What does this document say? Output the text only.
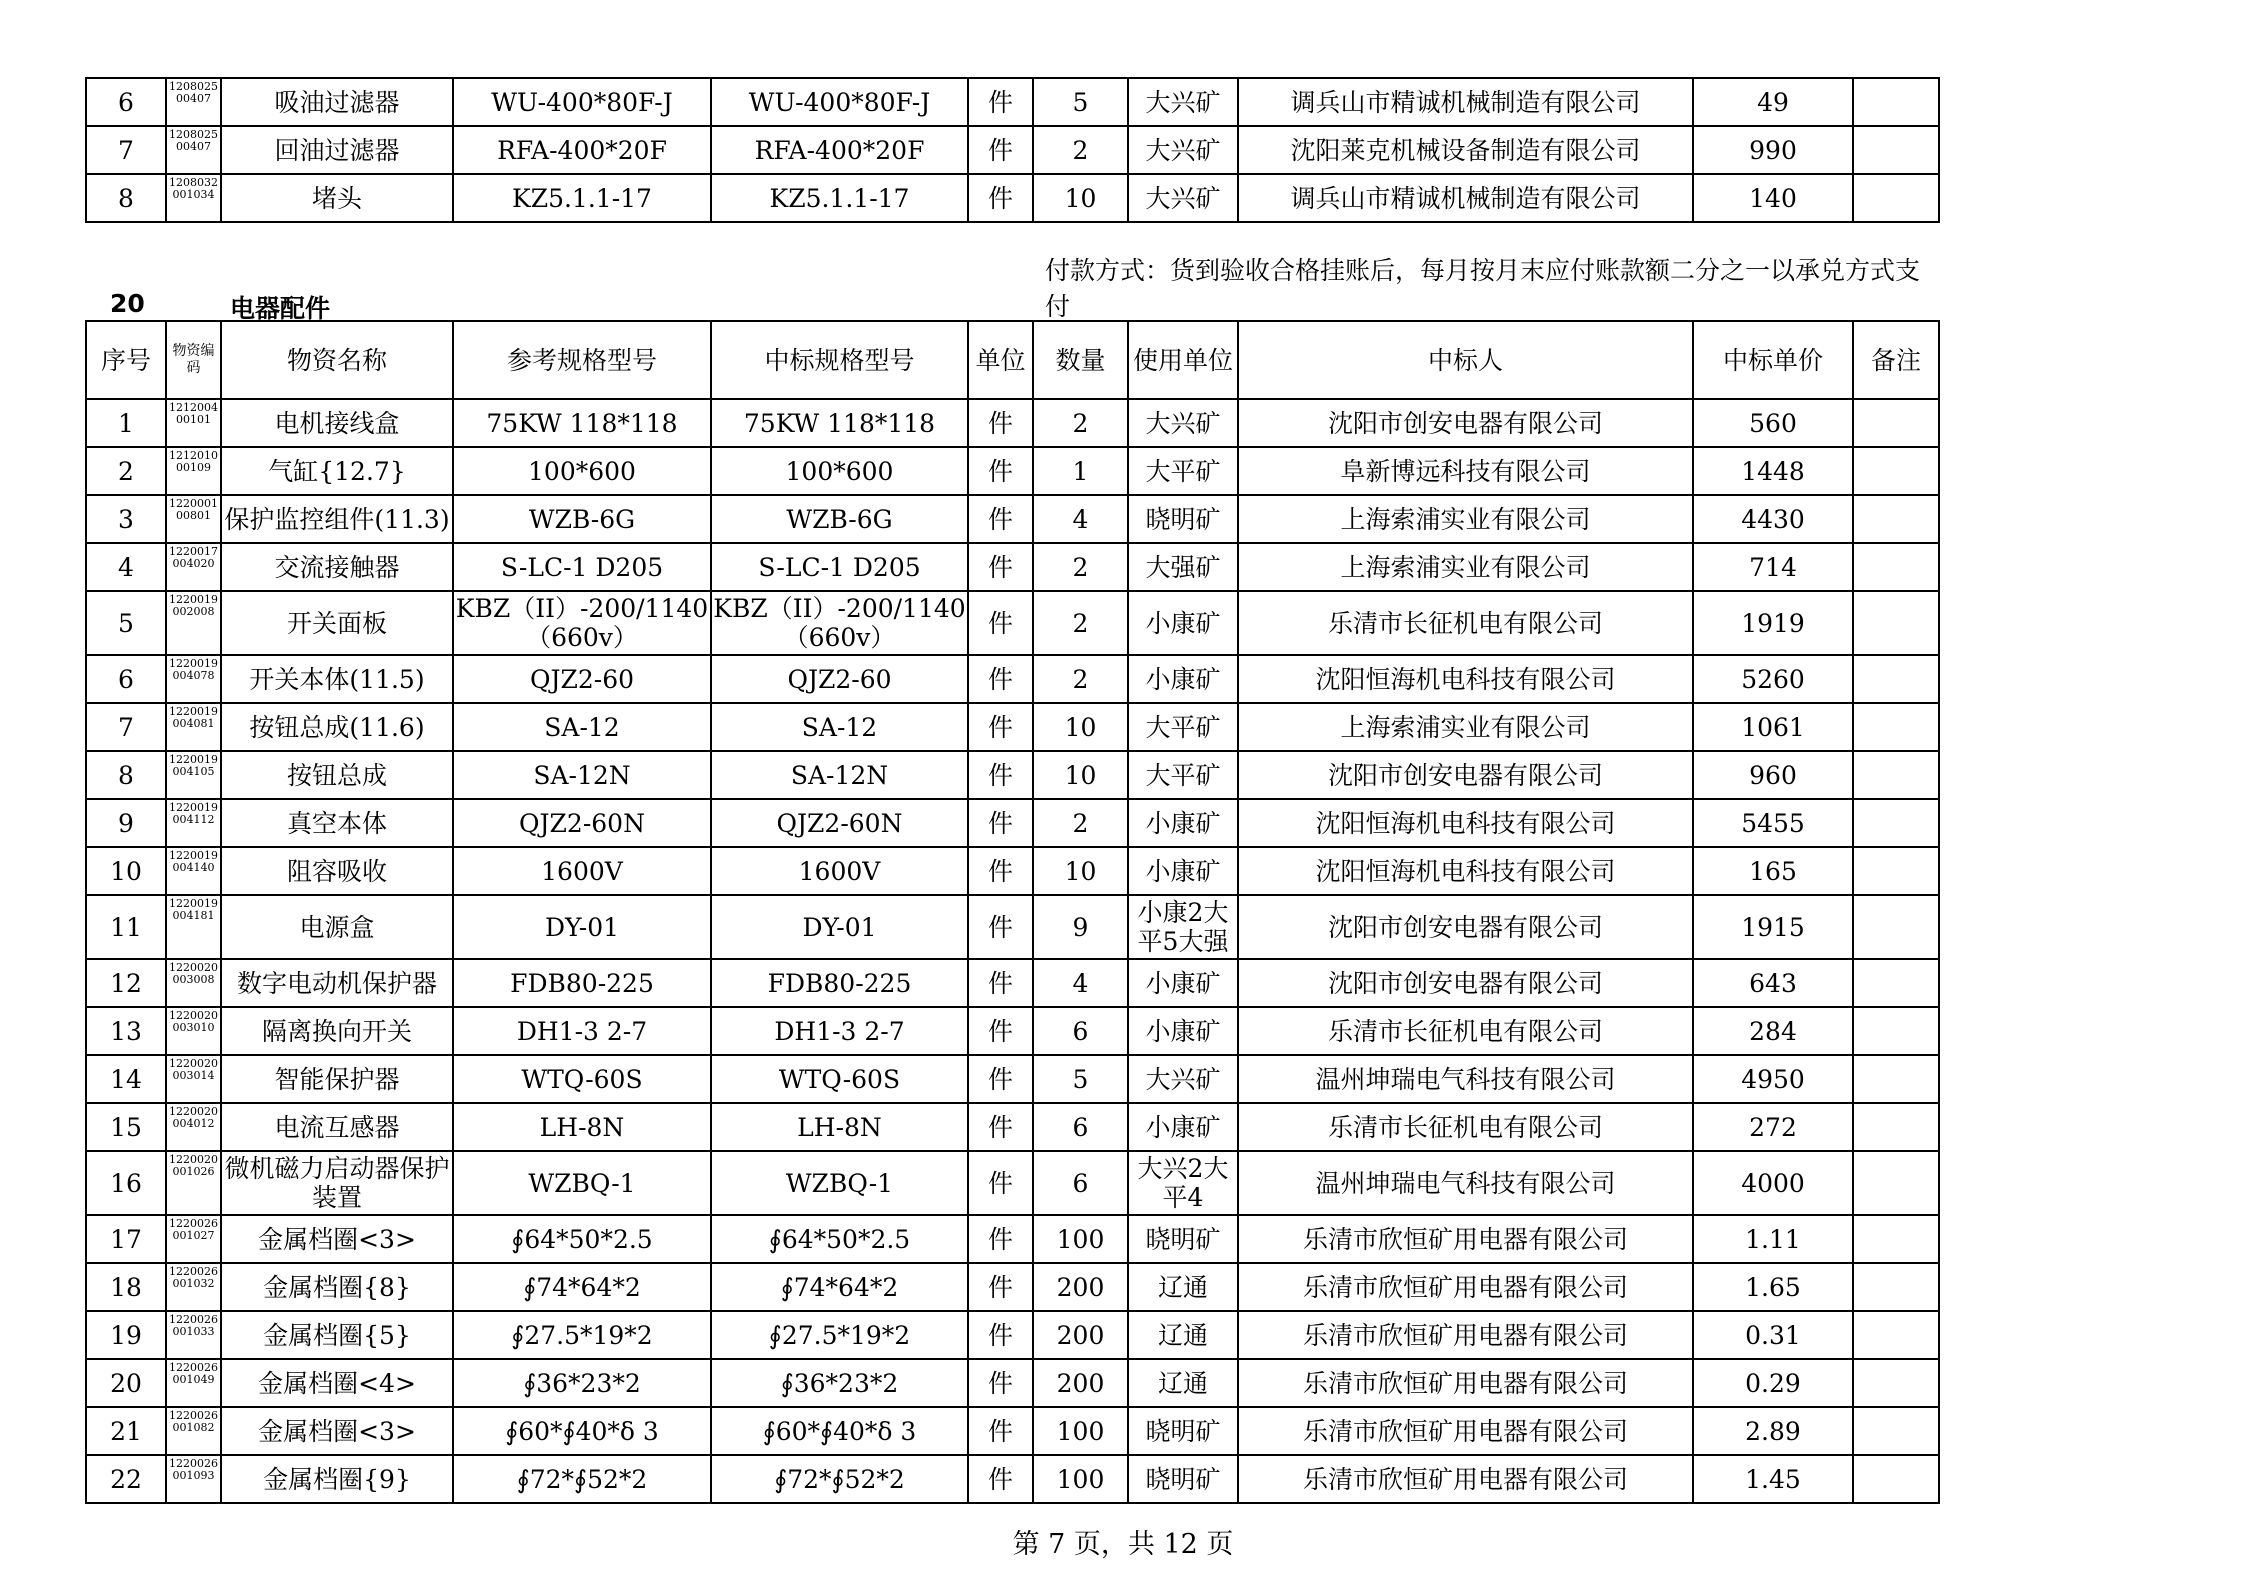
6	120802500407	吸油过滤器	WU-400*80F-J	WU-400*80F-J	件	5	大兴矿	调兵山市精诚机械制造有限公司	49	
7	120802500407	回油过滤器	RFA-400*20F	RFA-400*20F	件	2	大兴矿	沈阳莱克机械设备制造有限公司	990	
8	1208032001034	堵头	KZ5.1.1-17	KZ5.1.1-17	件	10	大兴矿	调兵山市精诚机械制造有限公司	140	
付款方式：货到验收合格挂账后，每月按月末应付账款额二分之一以承兑方式支付
20	电器配件
序号	物资编码	物资名称	参考规格型号	中标规格型号	单位	数量	使用单位	中标人	中标单价	备注
1	121200400101	电机接线盒	75KW 118*118	75KW 118*118	件	2	大兴矿	沈阳市创安电器有限公司	560	
2	121201000109	气缸{12.7}	100*600	100*600	件	1	大平矿	阜新博远科技有限公司	1448	
3	122000100801	保护监控组件(11.3)	WZB-6G	WZB-6G	件	4	晓明矿	上海索浦实业有限公司	4430	
4	1220017004020	交流接触器	S-LC-1 D205	S-LC-1 D205	件	2	大强矿	上海索浦实业有限公司	714	
5	1220019002008	开关面板	KBZ（II）-200/1140（660v）	KBZ（II）-200/1140（660v）	件	2	小康矿	乐清市长征机电有限公司	1919	
6	1220019004078	开关本体(11.5)	QJZ2-60	QJZ2-60	件	2	小康矿	沈阳恒海机电科技有限公司	5260	
7	1220019004081	按钮总成(11.6)	SA-12	SA-12	件	10	大平矿	上海索浦实业有限公司	1061	
8	1220019004105	按钮总成	SA-12N	SA-12N	件	10	大平矿	沈阳市创安电器有限公司	960	
9	1220019004112	真空本体	QJZ2-60N	QJZ2-60N	件	2	小康矿	沈阳恒海机电科技有限公司	5455	
10	1220019004140	阻容吸收	1600V	1600V	件	10	小康矿	沈阳恒海机电科技有限公司	165	
11	1220019004181	电源盒	DY-01	DY-01	件	9	小康2大平5大强	沈阳市创安电器有限公司	1915	
12	1220020003008	数字电动机保护器	FDB80-225	FDB80-225	件	4	小康矿	沈阳市创安电器有限公司	643	
13	1220020003010	隔离换向开关	DH1-3 2-7	DH1-3 2-7	件	6	小康矿	乐清市长征机电有限公司	284	
14	1220020003014	智能保护器	WTQ-60S	WTQ-60S	件	5	大兴矿	温州坤瑞电气科技有限公司	4950	
15	1220020004012	电流互感器	LH-8N	LH-8N	件	6	小康矿	乐清市长征机电有限公司	272	
16	1220020001026	微机磁力启动器保护装置	WZBQ-1	WZBQ-1	件	6	大兴2大平4	温州坤瑞电气科技有限公司	4000	
17	1220026001027	金属档圈<3>	∮64*50*2.5	∮64*50*2.5	件	100	晓明矿	乐清市欣恒矿用电器有限公司	1.11	
18	1220026001032	金属档圈{8}	∮74*64*2	∮74*64*2	件	200	辽通	乐清市欣恒矿用电器有限公司	1.65	
19	1220026001033	金属档圈{5}	∮27.5*19*2	∮27.5*19*2	件	200	辽通	乐清市欣恒矿用电器有限公司	0.31	
20	1220026001049	金属档圈<4>	∮36*23*2	∮36*23*2	件	200	辽通	乐清市欣恒矿用电器有限公司	0.29	
21	1220026001082	金属档圈<3>	∮60*∮40*δ 3	∮60*∮40*δ 3	件	100	晓明矿	乐清市欣恒矿用电器有限公司	2.89	
22	1220026001093	金属档圈{9}	∮72*∮52*2	∮72*∮52*2	件	100	晓明矿	乐清市欣恒矿用电器有限公司	1.45	
第 7 页，共 12 页
